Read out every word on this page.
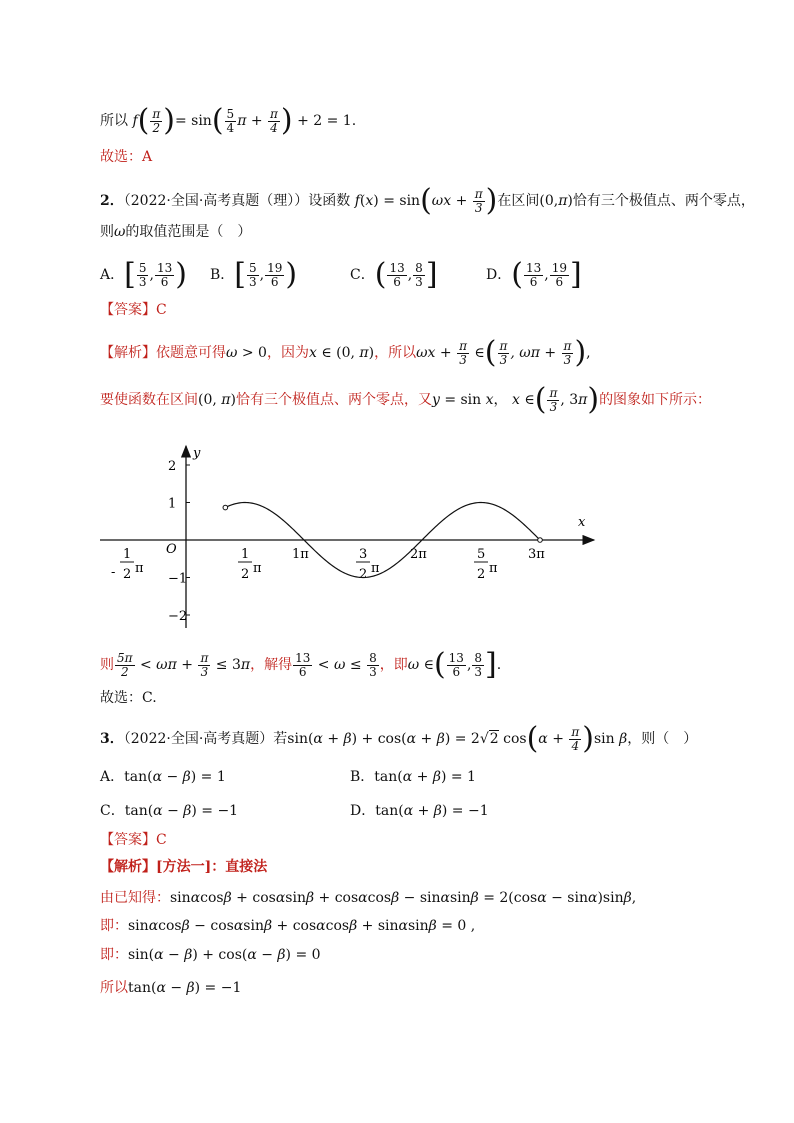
所以 $f( \frac{\pi}{2}$ )= $\sin( \frac{5}{4}$ $\pi + \frac{\pi}{4}$ ) + 2 = 1.
故选：A
2．（2022·全国·高考真题（理））设函数 $f(x) = \sin(\omega x + \frac{\pi}{3}$ )在区间(0,π)恰有三个极值点、两个零点，
则ω的取值范围是（　）
A．[ $\frac{5}{3}$ , $\frac{13}{6}$ ) B．[ $\frac{5}{3}$ , $\frac{19}{6}$ )	C．( $\frac{13}{6}$ , $\frac{8}{3}$ ]	D．( $\frac{13}{6}$ , $\frac{19}{6}$ ]
【答案】C
【解析】依题意可得ω > 0，因为x ∈ (0, π)，所以$\omega x + \frac{\pi}{3}$ ∈( $\frac{\pi}{3}$ , $\omega\pi + \frac{\pi}{3}$ ),
要使函数在区间(0, π)恰有三个极值点、两个零点，又y = sin x， x ∈( $\frac{\pi}{3}$ , 3π)的图象如下所示：
y
x
O
2
1
−1
−2
1π	2π	3π
1
2 π
-
1
2 π
3
2 π
5
2 π
则 $\frac{5\pi}{2} < \omega\pi + \frac{\pi}{3} \le 3\pi$，解得 $\frac{13}{6} < \omega \le \frac{8}{3}$ ，即ω ∈( $\frac{13}{6}$ , $\frac{8}{3}$ ].
故选：C.
3．（2022·全国·高考真题）若sin(α + β) + cos(α + β) = 2√2 $\cos(\alpha + \frac{\pi}{4} )\sin$ β，则（　）
A．tan(α − β) = 1	B．tan(α + β) = 1
C．tan(α − β) = −1	D．tan(α + β) = −1
【答案】C
【解析】[方法一]：直接法
由已知得：sinαcosβ + cosαsinβ + cosαcosβ − sinαsinβ = 2(cosα − sinα)sinβ,
即：sinαcosβ − cosαsinβ + cosαcosβ + sinαsinβ = 0 ,
即：sin(α − β) + cos(α − β) = 0
所以tan(α − β) = −1
